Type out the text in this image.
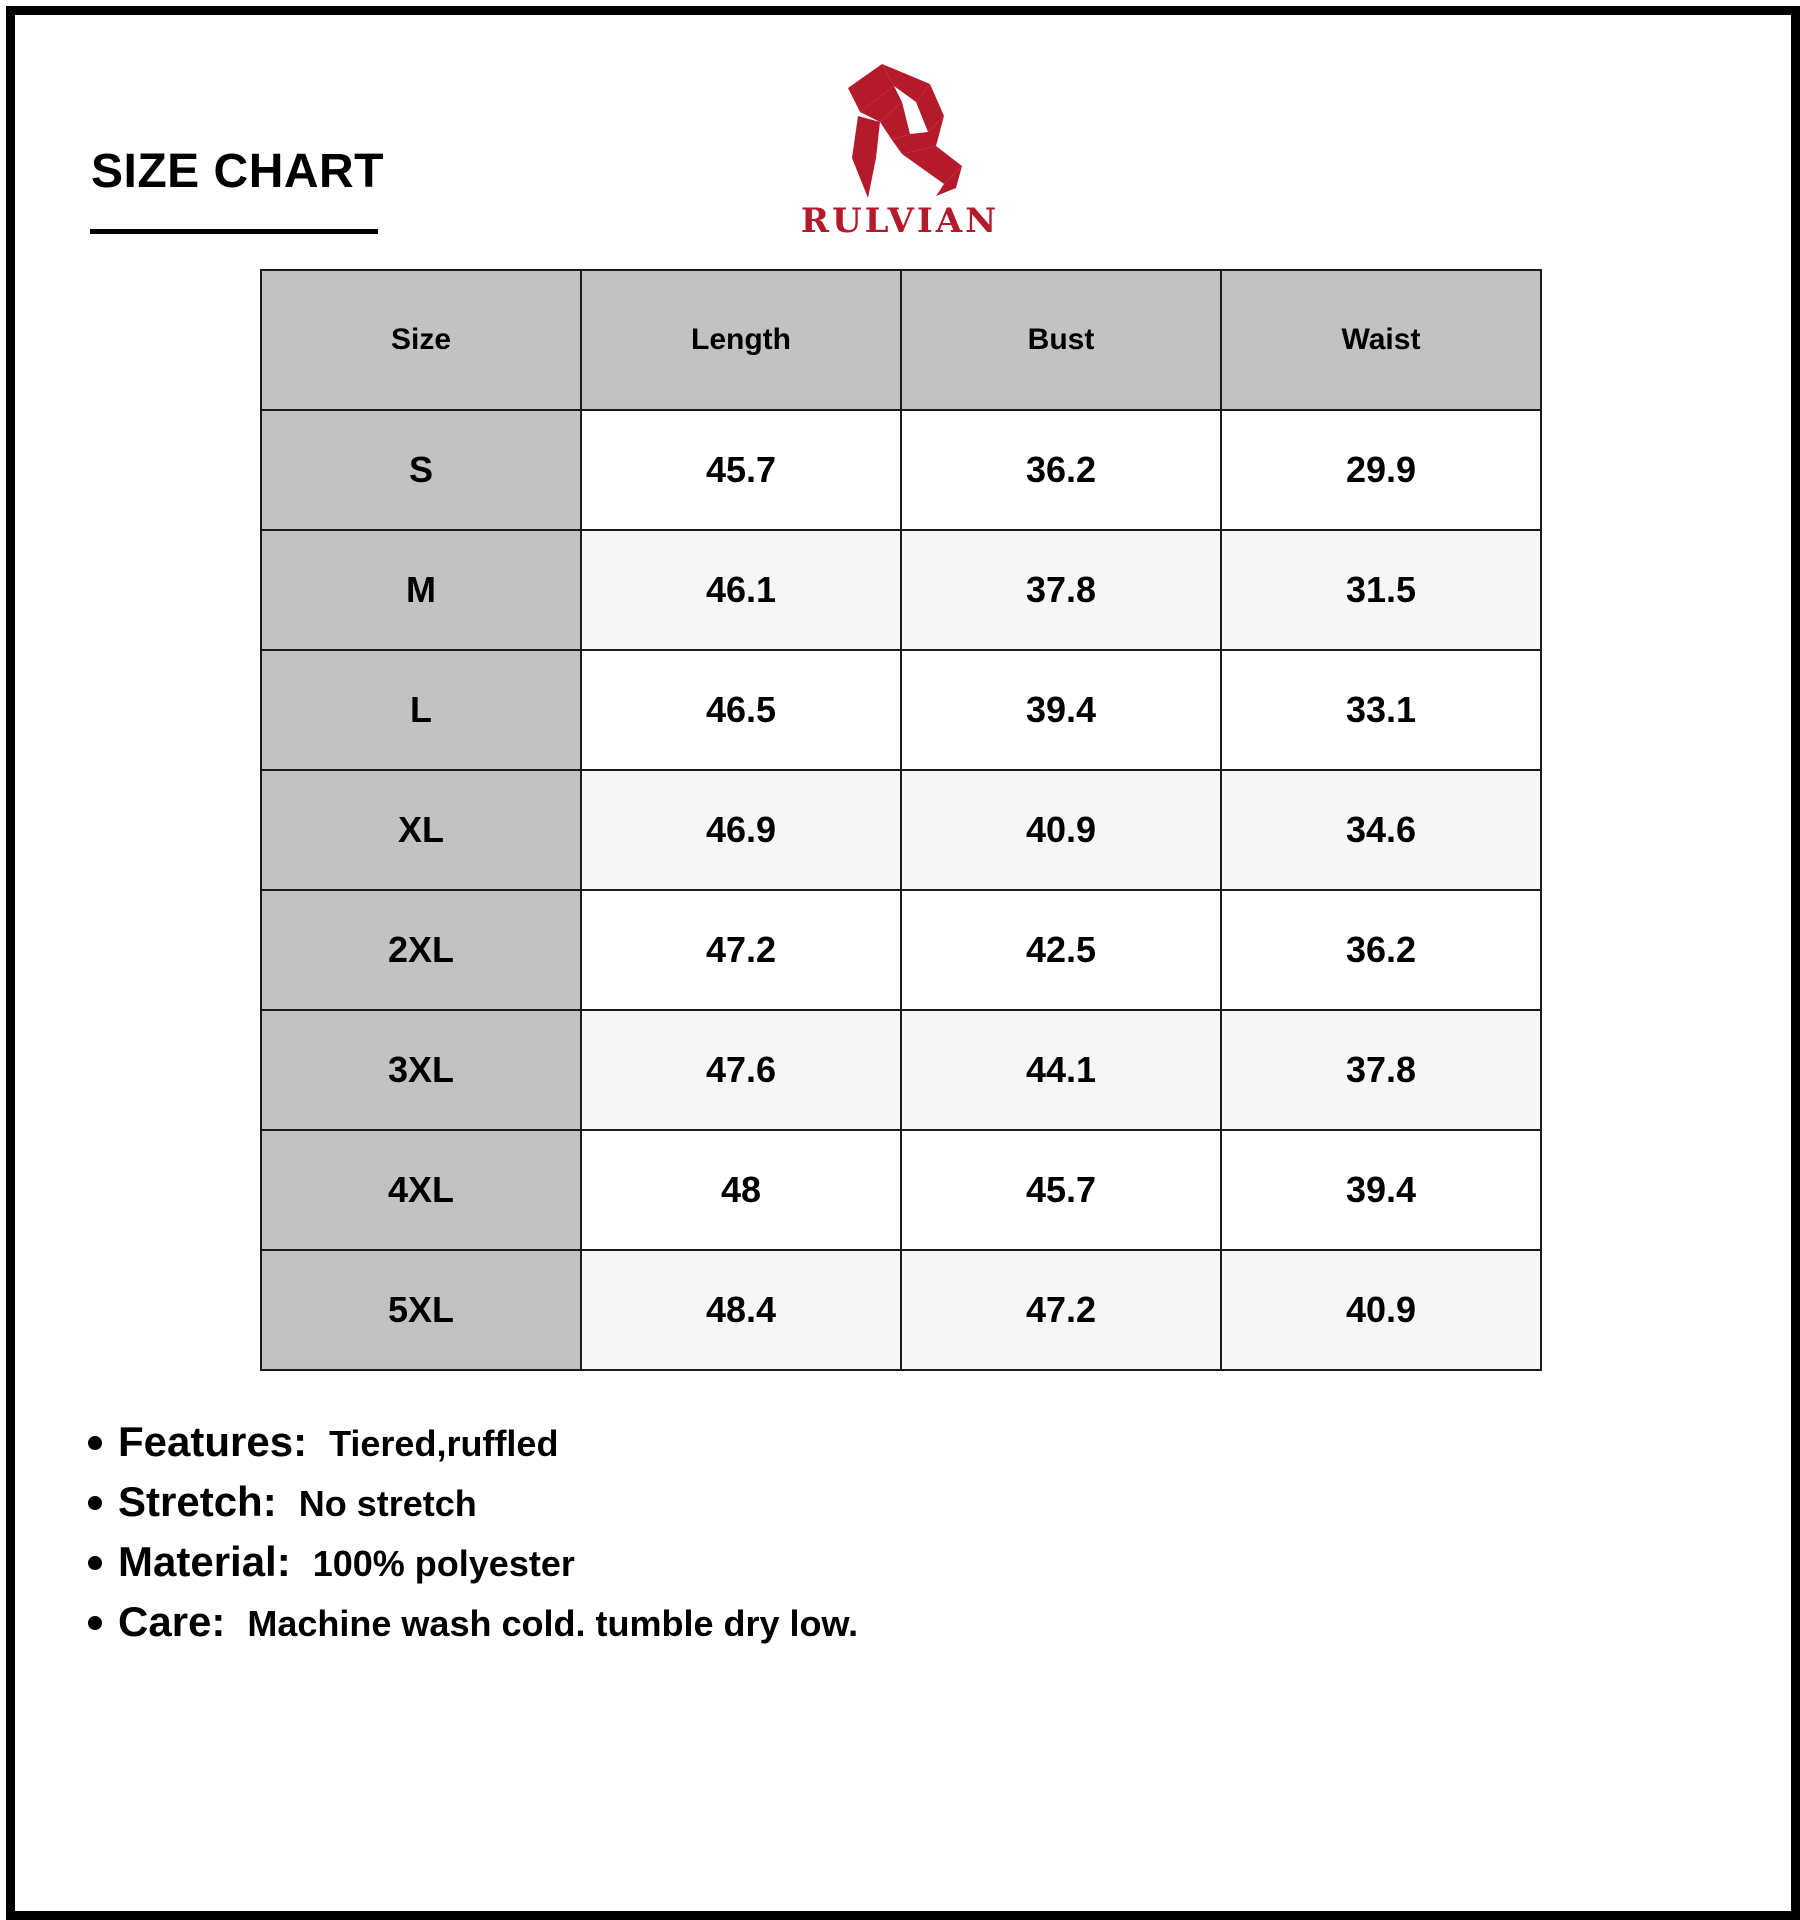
SIZE CHART
RULVIAN
Size	Length	Bust	Waist
S	45.7	36.2	29.9
M	46.1	37.8	31.5
L	46.5	39.4	33.1
XL	46.9	40.9	34.6
2XL	47.2	42.5	36.2
3XL	47.6	44.1	37.8
4XL	48	45.7	39.4
5XL	48.4	47.2	40.9
Features: Tiered,ruffled
Stretch: No stretch
Material: 100% polyester
Care: Machine wash cold. tumble dry low.
